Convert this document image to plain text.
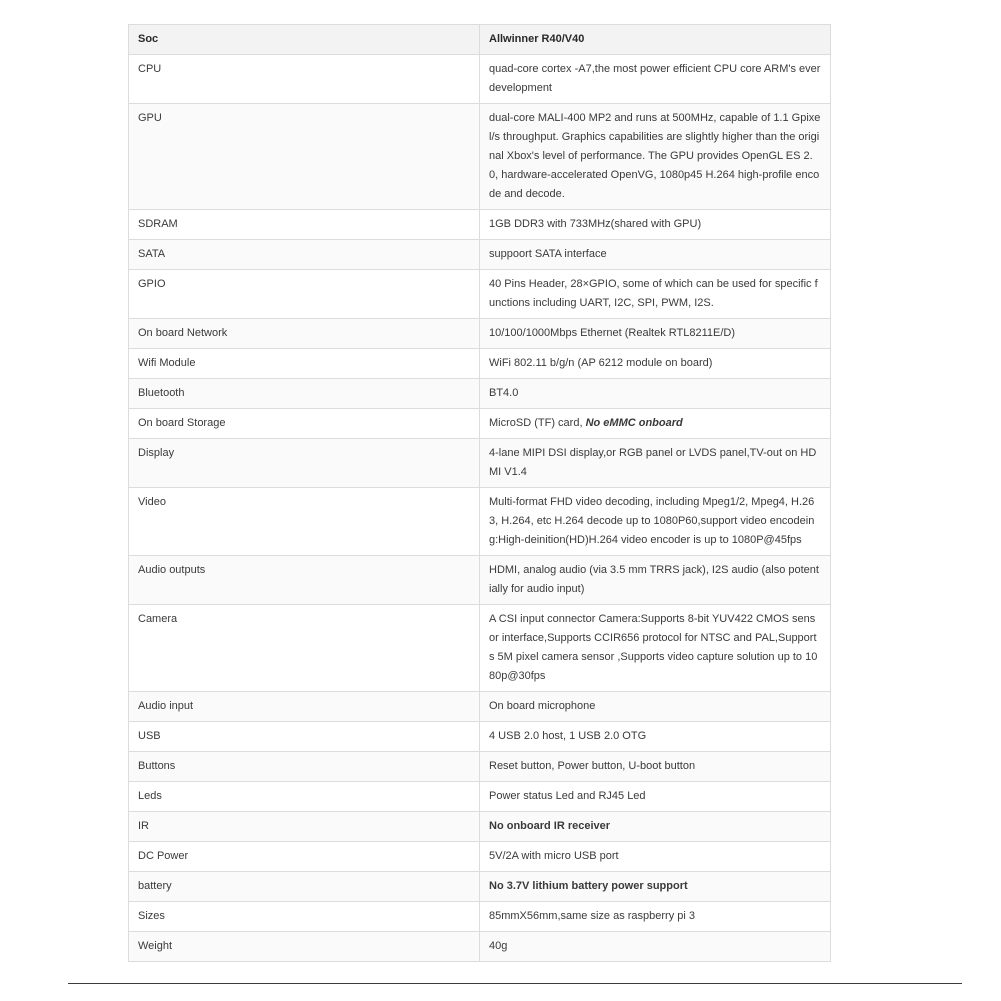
Soc	Allwinner R40/V40
CPU	quad-core cortex -A7,the most power efficient CPU core ARM's ever development
GPU	dual-core MALI-400 MP2 and runs at 500MHz, capable of 1.1 Gpixel/s throughput. Graphics capabilities are slightly higher than the original Xbox's level of performance. The GPU provides OpenGL ES 2.0, hardware-accelerated OpenVG, 1080p45 H.264 high-profile encode and decode.
SDRAM	1GB DDR3 with 733MHz(shared with GPU)
SATA	suppoort SATA interface
GPIO	40 Pins Header, 28×GPIO, some of which can be used for specific functions including UART, I2C, SPI, PWM, I2S.
On board Network	10/100/1000Mbps Ethernet (Realtek RTL8211E/D)
Wifi Module	WiFi 802.11 b/g/n (AP 6212 module on board)
Bluetooth	BT4.0
On board Storage	MicroSD (TF) card, No eMMC onboard
Display	4-lane MIPI DSI display,or RGB panel or LVDS panel,TV-out on HDMI V1.4
Video	Multi-format FHD video decoding, including Mpeg1/2, Mpeg4, H.263, H.264, etc H.264 decode up to 1080P60,support video encodeing:High-deinition(HD)H.264 video encoder is up to 1080P@45fps
Audio outputs	HDMI, analog audio (via 3.5 mm TRRS jack), I2S audio (also potentially for audio input)
Camera	A CSI input connector Camera:Supports 8-bit YUV422 CMOS sensor interface,Supports CCIR656 protocol for NTSC and PAL,Supports 5M pixel camera sensor ,Supports video capture solution up to 1080p@30fps
Audio input	On board microphone
USB	4 USB 2.0 host, 1 USB 2.0 OTG
Buttons	Reset button, Power button, U-boot button
Leds	Power status Led and RJ45 Led
IR	No onboard IR receiver
DC Power	5V/2A with micro USB port
battery	No 3.7V lithium battery power support
Sizes	85mmX56mm,same size as raspberry pi 3
Weight	40g
